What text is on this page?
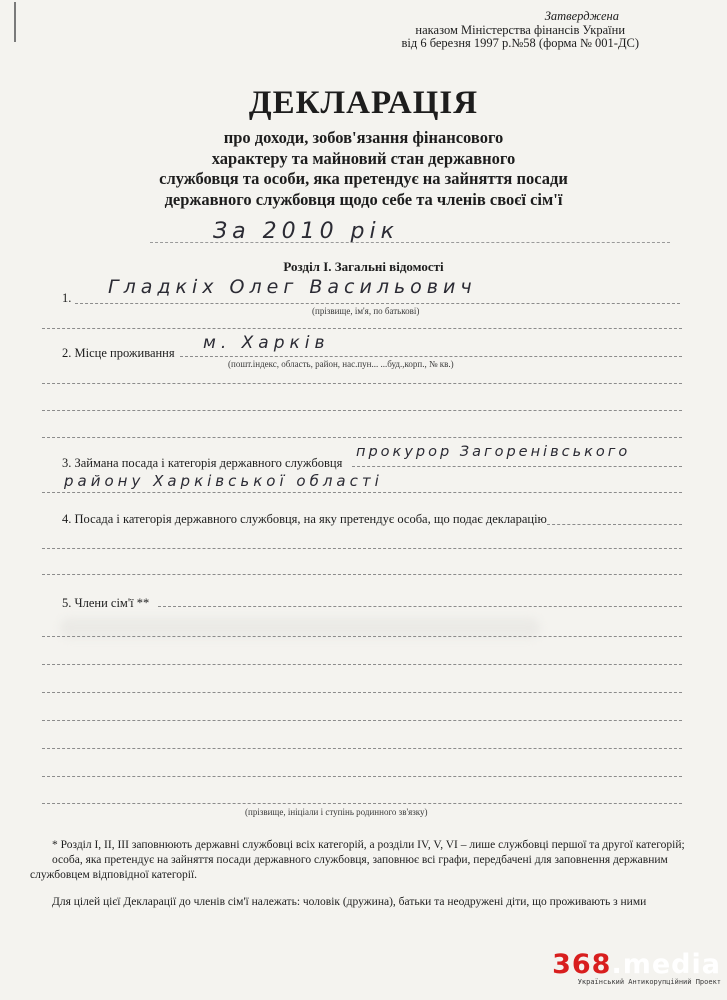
Затверджена
наказом Міністерства фінансів України
від 6 березня 1997 р.№58 (форма № 001-ДС)
ДЕКЛАРАЦІЯ
про доходи, зобов'язання фінансового
характеру та майновий стан державного
службовця та особи, яка претендує на зайняття посади
державного службовця щодо себе та членів своєї сім'ї
За 2010 рік
Розділ І. Загальні відомості
1. Гладкіх Олег Васильович
(прізвище, ім'я, по батькові)
2. Місце проживання м. Харків
(пошт.індекс, область, район, нас.пун... ...буд.,корп., № кв.)
3. Займана посада і категорія державного службовця
прокурор Загоренівського
району Харківської області
4. Посада і категорія державного службовця, на яку претендує особа, що подає декларацію
5. Члени сім'ї **
(прізвище, ініціали і ступінь родинного зв'язку)

* Розділ І, ІІ, ІІІ заповнюють державні службовці всіх категорій, а розділи IV, V, VI – лише службовці першої та другої категорій;

особа, яка претендує на зайняття посади державного службовця, заповнює всі графи, передбачені для заповнення державним службовцем відповідної категорії.

Для цілей цієї Декларації до членів сім'ї належать: чоловік (дружина), батьки та неодружені діти, що проживають з ними

368.media
Український Антикорупційний Проект
